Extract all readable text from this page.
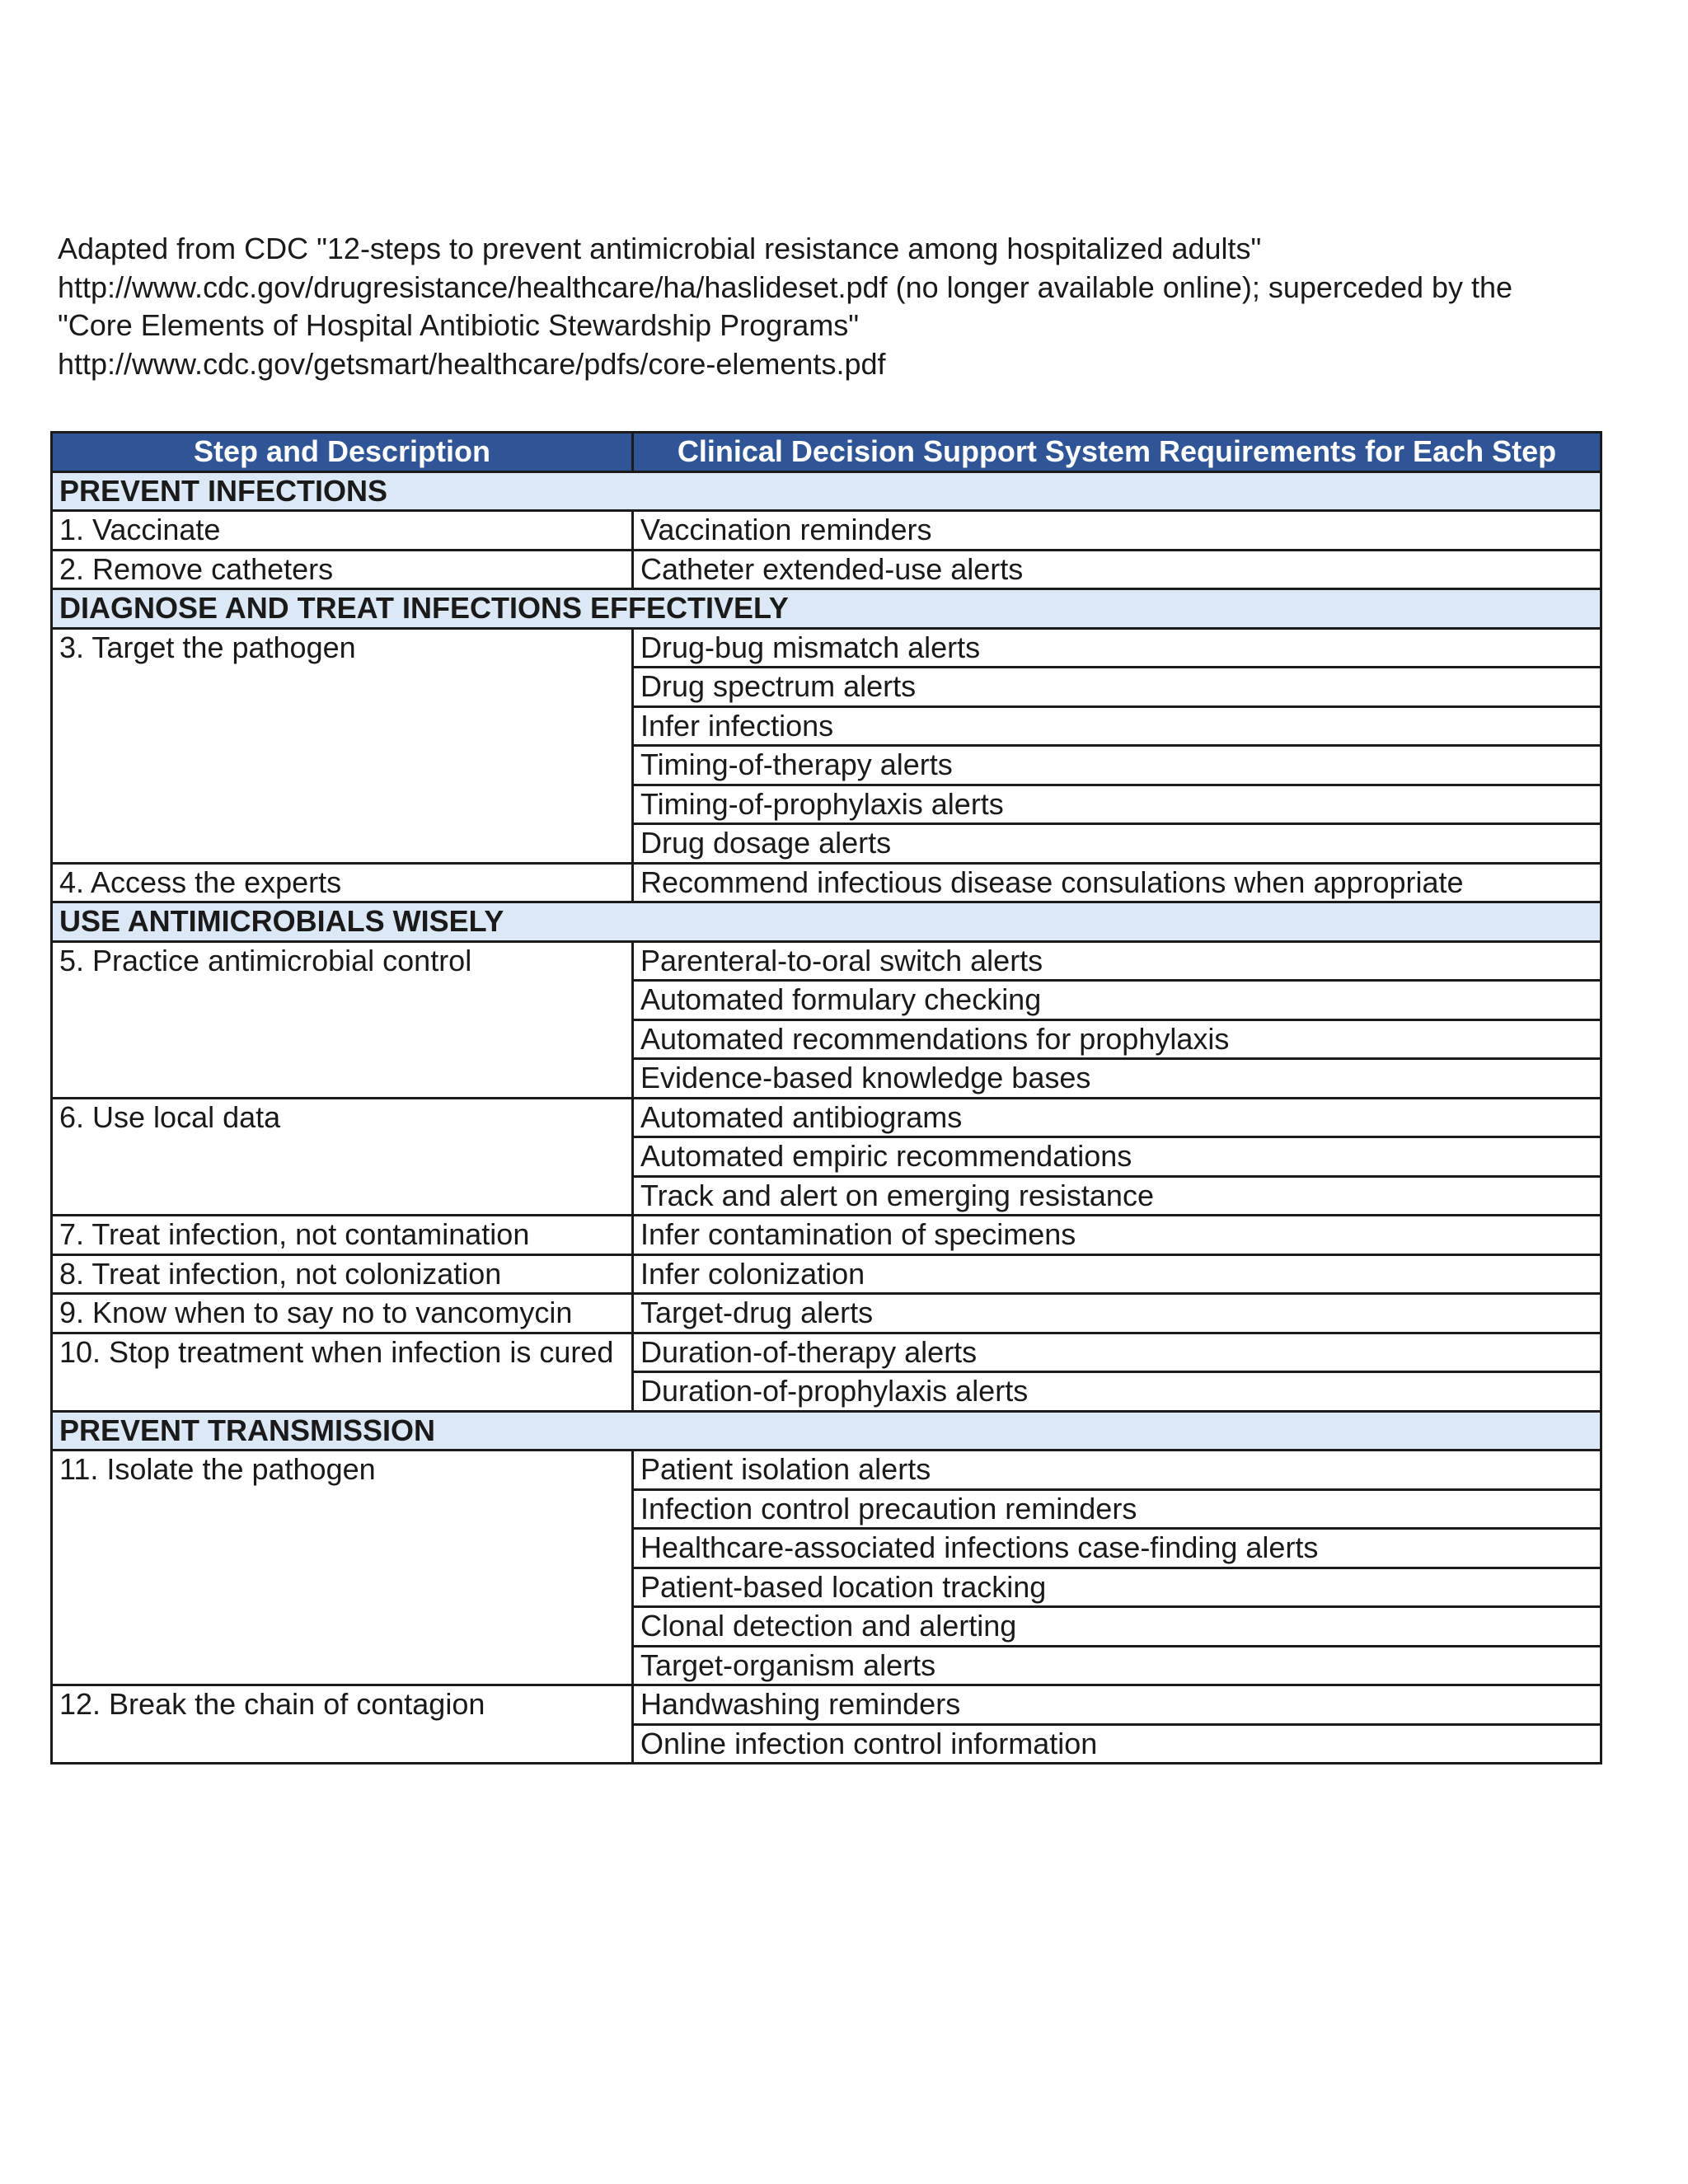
Adapted from CDC "12-steps to prevent antimicrobial resistance among hospitalized adults"
http://www.cdc.gov/drugresistance/healthcare/ha/haslideset.pdf (no longer available online); superceded by the
"Core Elements of Hospital Antibiotic Stewardship Programs"
http://www.cdc.gov/getsmart/healthcare/pdfs/core-elements.pdf
Step and Description	Clinical Decision Support System Requirements for Each Step
PREVENT INFECTIONS	
1. Vaccinate	Vaccination reminders
2. Remove catheters	Catheter extended-use alerts
DIAGNOSE AND TREAT INFECTIONS EFFECTIVELY	
3. Target the pathogen	Drug-bug mismatch alerts
	Drug spectrum alerts
	Infer infections
	Timing-of-therapy alerts
	Timing-of-prophylaxis alerts
	Drug dosage alerts
4. Access the experts	Recommend infectious disease consulations when appropriate
USE ANTIMICROBIALS WISELY	
5. Practice antimicrobial control	Parenteral-to-oral switch alerts
	Automated formulary checking
	Automated recommendations for prophylaxis
	Evidence-based knowledge bases
6. Use local data	Automated antibiograms
	Automated empiric recommendations
	Track and alert on emerging resistance
7. Treat infection, not contamination	Infer contamination of specimens
8. Treat infection, not colonization	Infer colonization
9. Know when to say no to vancomycin	Target-drug alerts
10. Stop treatment when infection is cured	Duration-of-therapy alerts
	Duration-of-prophylaxis alerts
PREVENT TRANSMISSION	
11. Isolate the pathogen	Patient isolation alerts
	Infection control precaution reminders
	Healthcare-associated infections case-finding alerts
	Patient-based location tracking
	Clonal detection and alerting
	Target-organism alerts
12. Break the chain of contagion	Handwashing reminders
	Online infection control information
